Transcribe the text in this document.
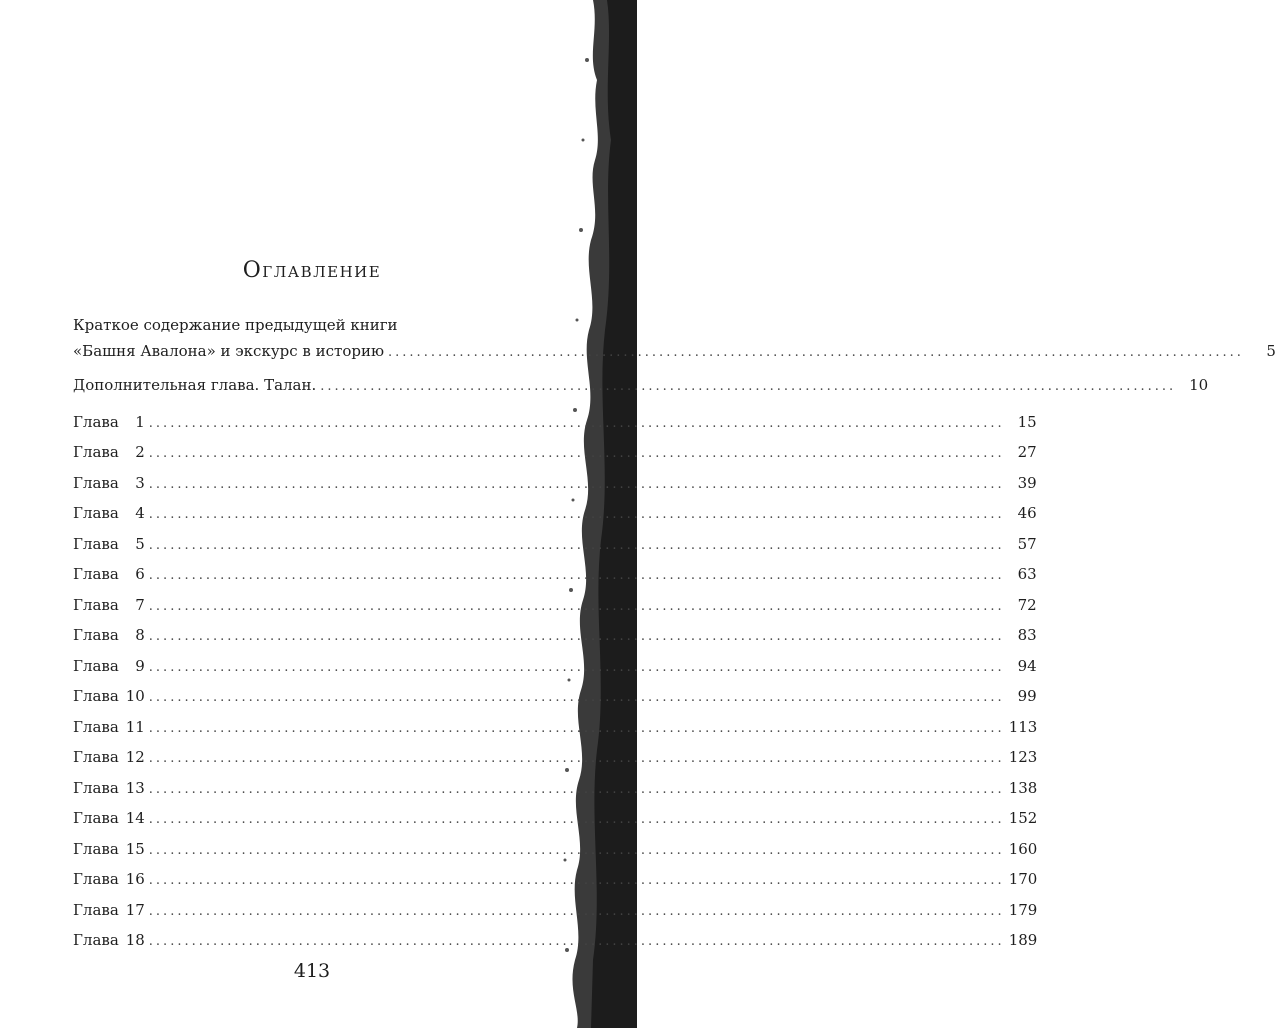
Оглавление
Краткое содержание предыдущей книги
«Башня Авалона» и экскурс в историю ........................................................................................................................	5
Дополнительная глава. Талан. ........................................................................................................................ 10
Глава 1 ........................................................................................................................ 15
Глава 2 ........................................................................................................................ 27
Глава 3 ........................................................................................................................ 39
Глава 4 ........................................................................................................................ 46
Глава 5 ........................................................................................................................ 57
Глава 6 ........................................................................................................................ 63
Глава 7 ........................................................................................................................ 72
Глава 8 ........................................................................................................................ 83
Глава 9 ........................................................................................................................ 94
Глава 10 ........................................................................................................................ 99
Глава 11 ........................................................................................................................ 113
Глава 12 ........................................................................................................................ 123
Глава 13 ........................................................................................................................ 138
Глава 14 ........................................................................................................................ 152
Глава 15 ........................................................................................................................ 160
Глава 16 ........................................................................................................................ 170
Глава 17 ........................................................................................................................ 179
Глава 18 ........................................................................................................................ 189
413
